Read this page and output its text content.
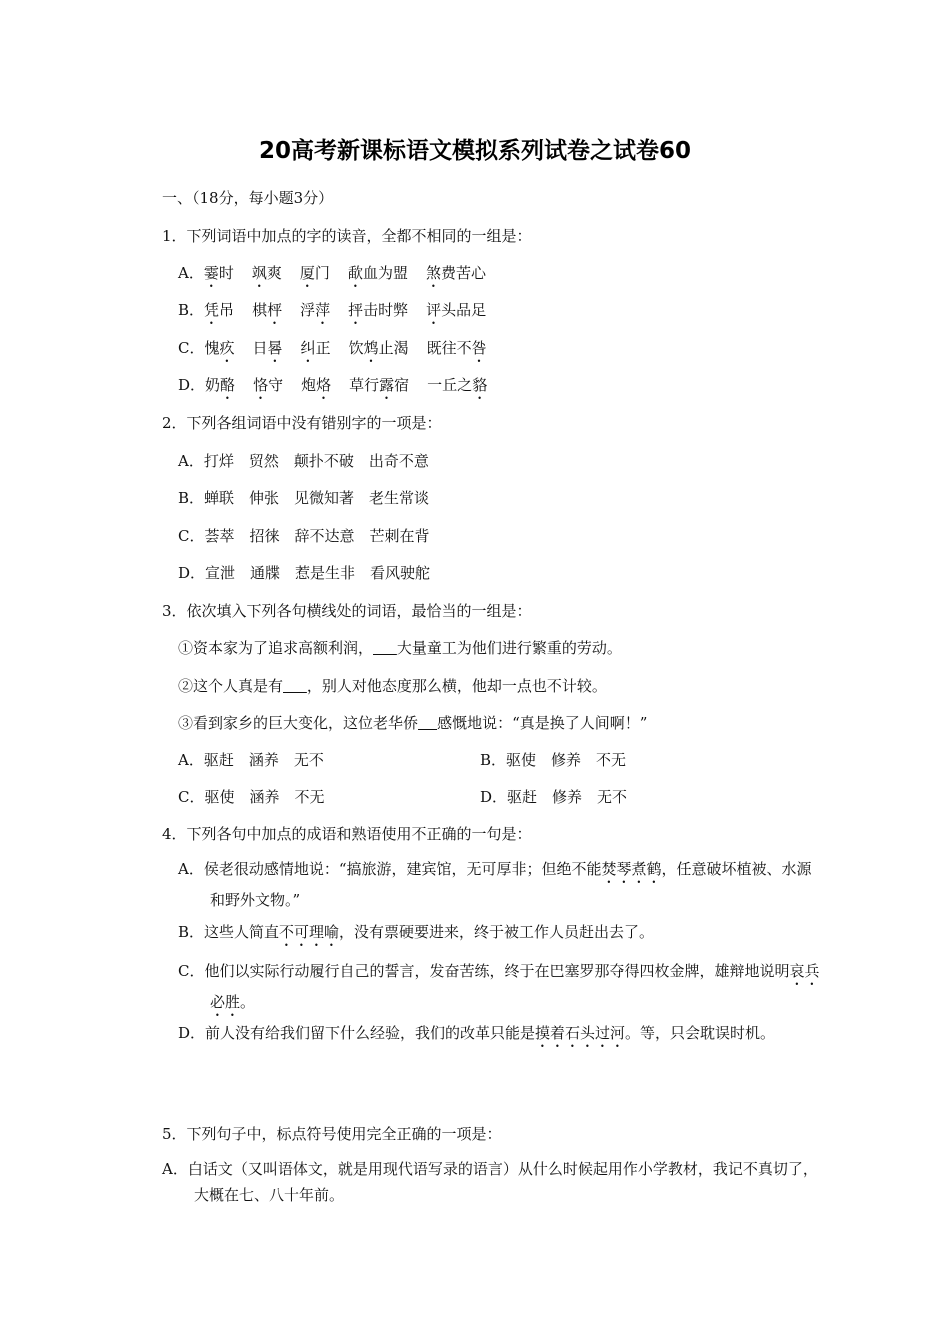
20高考新课标语文模拟系列试卷之试卷60
一、（18分，每小题3分）
1．下列词语中加点的字的读音，全都不相同的一组是：
A．霎时 飒爽 厦门 歃血为盟 煞费苦心
B．凭吊 棋枰 浮萍 抨击时弊 评头品足
C．愧疚 日晷 纠正 饮鸩止渴 既往不咎
D．奶酪 恪守 炮烙 草行露宿 一丘之貉
2．下列各组词语中没有错别字的一项是：
A．打烊　贸然　颠扑不破　出奇不意
B．蝉联　伸张　见微知著　老生常谈
C．荟萃　招徕　辞不达意　芒刺在背
D．宣泄　通牒　惹是生非　看风驶舵
3．依次填入下列各句横线处的词语，最恰当的一组是：
①资本家为了追求高额利润， 大量童工为他们进行繁重的劳动。
②这个人真是有 ，别人对他态度那么横，他却一点也不计较。
③看到家乡的巨大变化，这位老华侨 感慨地说：“真是换了人间啊！”
A．驱赶　涵养　无不	B．驱使　修养　不无
C．驱使　涵养　不无	D．驱赶　修养　无不
4．下列各句中加点的成语和熟语使用不正确的一句是：
A．侯老很动感情地说：“搞旅游，建宾馆，无可厚非；但绝不能焚琴煮鹤，任意破坏植被、水源和野外文物。”
B．这些人简直不可理喻，没有票硬要进来，终于被工作人员赶出去了。
C．他们以实际行动履行自己的誓言，发奋苦练，终于在巴塞罗那夺得四枚金牌，雄辩地说明哀兵必胜。
D．前人没有给我们留下什么经验，我们的改革只能是摸着石头过河。等，只会耽误时机。
5．下列句子中，标点符号使用完全正确的一项是：
A．白话文（又叫语体文，就是用现代语写录的语言）从什么时候起用作小学教材，我记不真切了，大概在七、八十年前。
